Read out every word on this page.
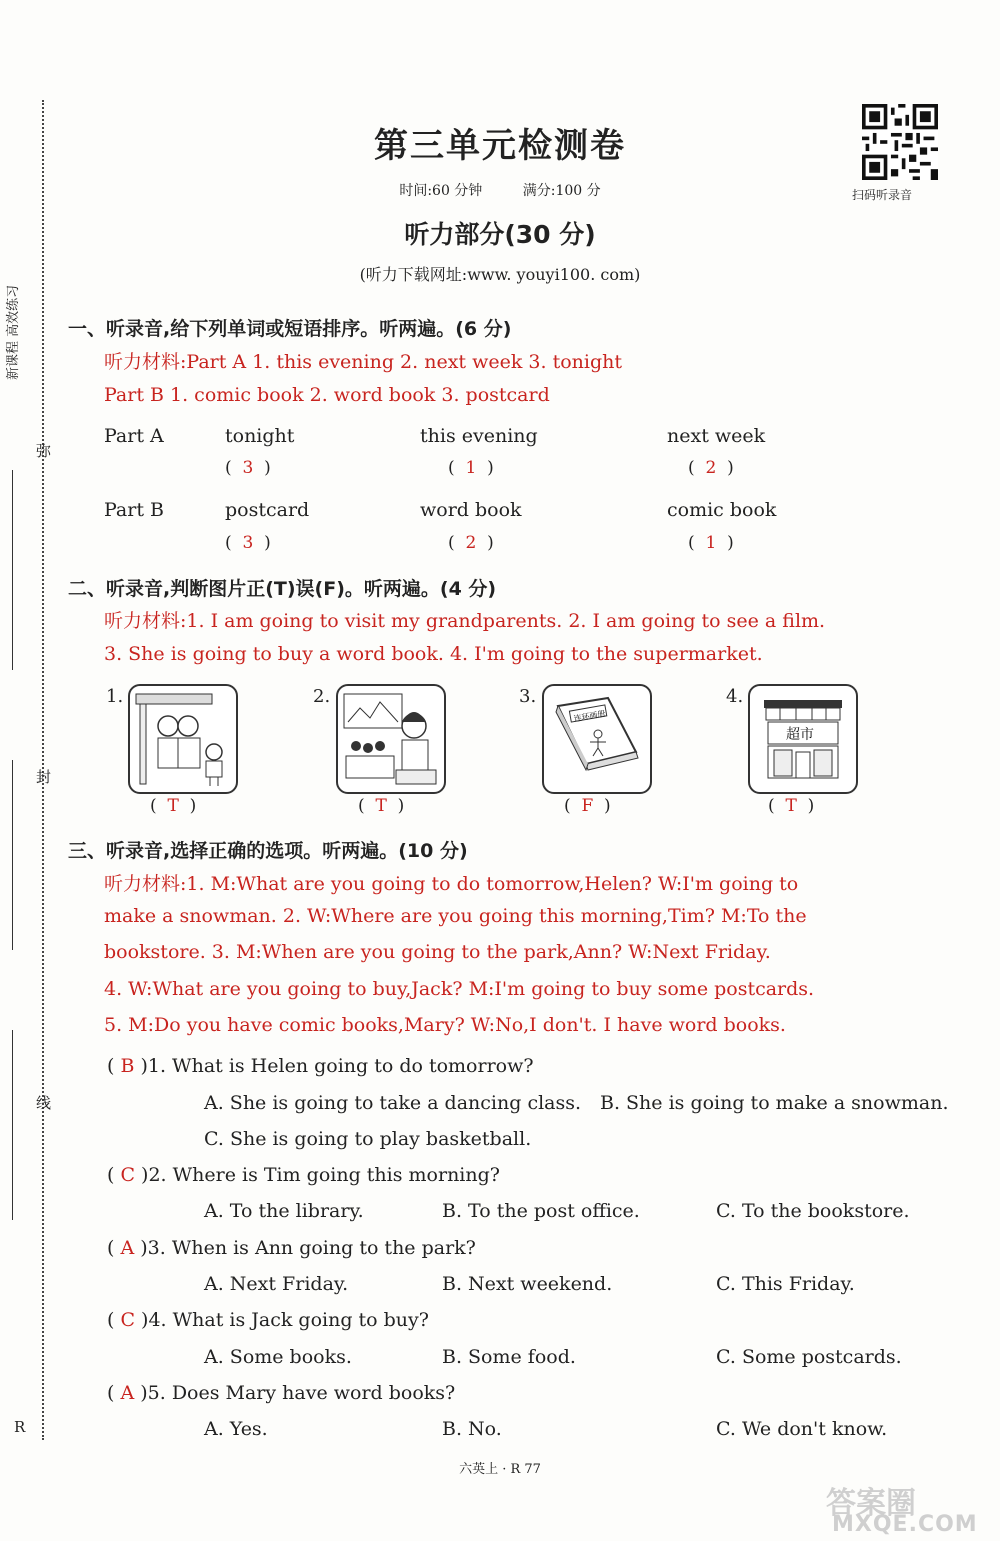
弥
封
线
R
新课程 高效练习
第三单元检测卷
时间:60 分钟	满分:100 分	扫码听录音
听力部分(30 分)
(听力下载网址:www. youyi100. com)
一、听录音,给下列单词或短语排序。听两遍。(6 分)
听力材料:Part A 1. this evening 2. next week 3. tonight
Part B 1. comic book 2. word book 3. postcard
Part A	tonight	this evening	next week
(  3  )	(  1  )	(  2  )
Part B	postcard	word book	comic book
(  3  )	(  2  )	(  1  )
二、听录音,判断图片正(T)误(F)。听两遍。(4 分)
听力材料:1. I am going to visit my grandparents. 2. I am going to see a film.
3. She is going to buy a word book. 4. I'm going to the supermarket.
1.
(  T  )
2.
(  T  )
3.
连环画册
(  F  )
4.
超市
(  T  )
三、听录音,选择正确的选项。听两遍。(10 分)
听力材料:1. M:What are you going to do tomorrow,Helen? W:I'm going to
make a snowman. 2. W:Where are you going this morning,Tim? M:To the
bookstore. 3. M:When are you going to the park,Ann? W:Next Friday.
4. W:What are you going to buy,Jack? M:I'm going to buy some postcards.
5. M:Do you have comic books,Mary? W:No,I don't. I have word books.
( B )1. What is Helen going to do tomorrow?
A. She is going to take a dancing class. B. She is going to make a snowman.
C. She is going to play basketball.
( C )2. Where is Tim going this morning?
A. To the library.	B. To the post office.	C. To the bookstore.
( A )3. When is Ann going to the park?
A. Next Friday.	B. Next weekend.	C. This Friday.
( C )4. What is Jack going to buy?
A. Some books.	B. Some food.	C. Some postcards.
( A )5. Does Mary have word books?
A. Yes.	B. No.	C. We don't know.
六英上 · R 77
答案圈
MXQE.COM
